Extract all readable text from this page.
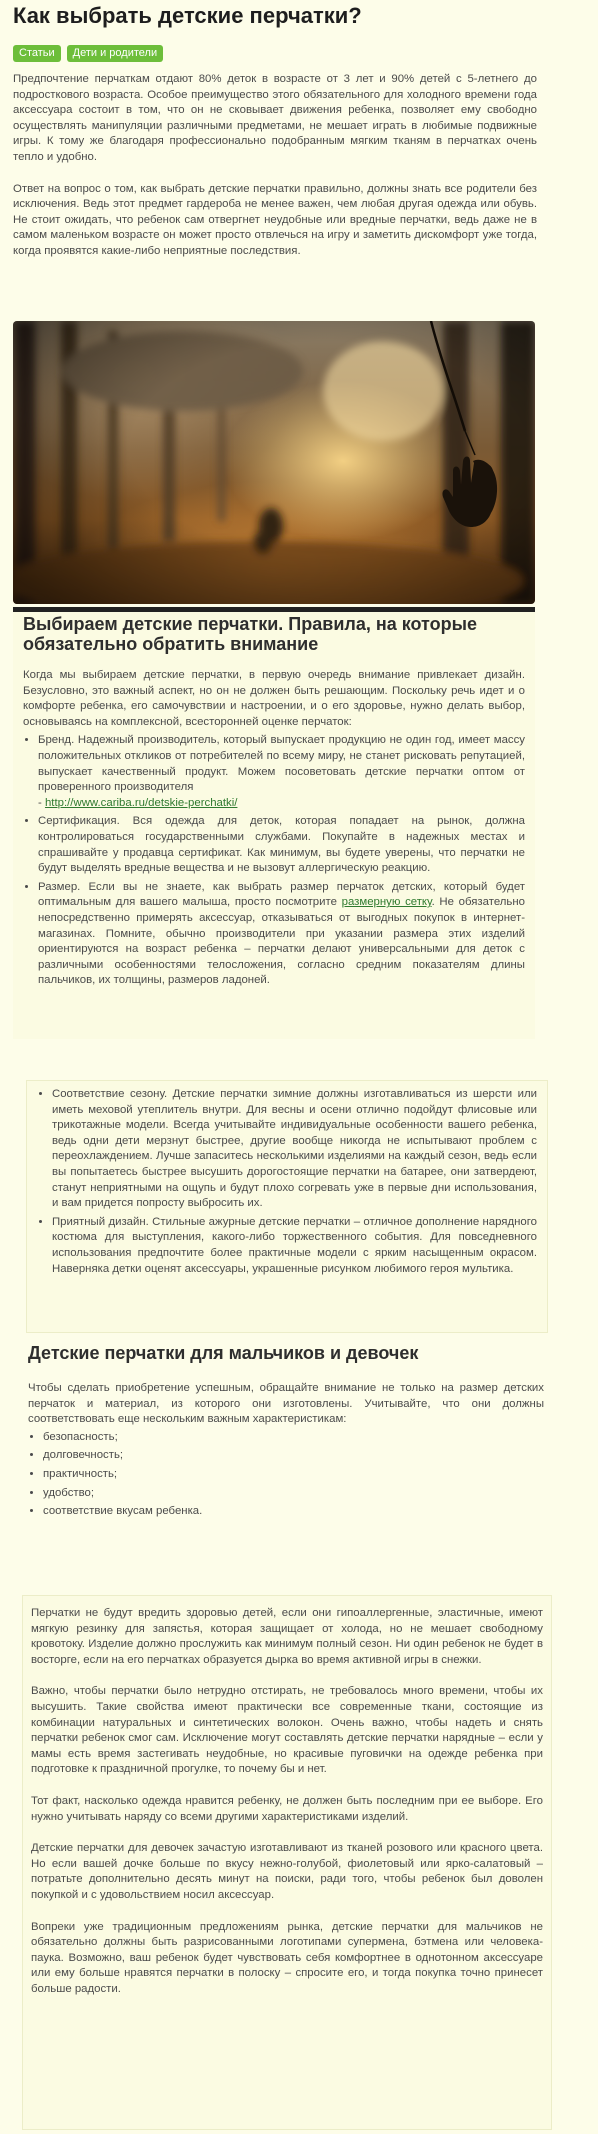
Как выбрать детские перчатки?
Статьи	Дети и родители

Предпочтение перчаткам отдают 80% деток в возрасте от 3 лет и 90% детей с 5-летнего до подросткового возраста. Особое преимущество этого обязательного для холодного времени года аксессуара состоит в том, что он не сковывает движения ребенка, позволяет ему свободно осуществлять манипуляции различными предметами, не мешает играть в любимые подвижные игры. К тому же благодаря профессионально подобранным мягким тканям в перчатках очень тепло и удобно.

Ответ на вопрос о том, как выбрать детские перчатки правильно, должны знать все родители без исключения. Ведь этот предмет гардероба не менее важен, чем любая другая одежда или обувь. Не стоит ожидать, что ребенок сам отвергнет неудобные или вредные перчатки, ведь даже не в самом маленьком возрасте он может просто отвлечься на игру и заметить дискомфорт уже тогда, когда проявятся какие-либо неприятные последствия.

Выбираем детские перчатки. Правила, на которые обязательно обратить внимание

Когда мы выбираем детские перчатки, в первую очередь внимание привлекает дизайн. Безусловно, это важный аспект, но он не должен быть решающим. Поскольку речь идет и о комфорте ребенка, его самочувствии и настроении, и о его здоровье, нужно делать выбор, основываясь на комплексной, всесторонней оценке перчаток:

• Бренд. Надежный производитель, который выпускает продукцию не один год, имеет массу положительных откликов от потребителей по всему миру, не станет рисковать репутацией, выпускает качественный продукт. Можем посоветовать детские перчатки оптом от проверенного производителя
- http://www.cariba.ru/detskie-perchatki/
• Сертификация. Вся одежда для деток, которая попадает на рынок, должна контролироваться государственными службами. Покупайте в надежных местах и спрашивайте у продавца сертификат. Как минимум, вы будете уверены, что перчатки не будут выделять вредные вещества и не вызовут аллергическую реакцию.
• Размер. Если вы не знаете, как выбрать размер перчаток детских, который будет оптимальным для вашего малыша, просто посмотрите размерную сетку. Не обязательно непосредственно примерять аксессуар, отказываться от выгодных покупок в интернет-магазинах. Помните, обычно производители при указании размера этих изделий ориентируются на возраст ребенка – перчатки делают универсальными для деток с различными особенностями телосложения, согласно средним показателям длины пальчиков, их толщины, размеров ладоней.
• Соответствие сезону. Детские перчатки зимние должны изготавливаться из шерсти или иметь меховой утеплитель внутри. Для весны и осени отлично подойдут флисовые или трикотажные модели. Всегда учитывайте индивидуальные особенности вашего ребенка, ведь одни дети мерзнут быстрее, другие вообще никогда не испытывают проблем с переохлаждением. Лучше запаситесь несколькими изделиями на каждый сезон, ведь если вы попытаетесь быстрее высушить дорогостоящие перчатки на батарее, они затвердеют, станут неприятными на ощупь и будут плохо согревать уже в первые дни использования, и вам придется попросту выбросить их.
• Приятный дизайн. Стильные ажурные детские перчатки – отличное дополнение нарядного костюма для выступления, какого-либо торжественного события. Для повседневного использования предпочтите более практичные модели с ярким насыщенным окрасом. Наверняка детки оценят аксессуары, украшенные рисунком любимого героя мультика.
Детские перчатки для мальчиков и девочек

Чтобы сделать приобретение успешным, обращайте внимание не только на размер детских перчаток и материал, из которого они изготовлены. Учитывайте, что они должны соответствовать еще нескольким важным характеристикам:

• безопасность;
• долговечность;
• практичность;
• удобство;
• соответствие вкусам ребенка.

Перчатки не будут вредить здоровью детей, если они гипоаллергенные, эластичные, имеют мягкую резинку для запястья, которая защищает от холода, но не мешает свободному кровотоку. Изделие должно прослужить как минимум полный сезон. Ни один ребенок не будет в восторге, если на его перчатках образуется дырка во время активной игры в снежки.

Важно, чтобы перчатки было нетрудно отстирать, не требовалось много времени, чтобы их высушить. Такие свойства имеют практически все современные ткани, состоящие из комбинации натуральных и синтетических волокон. Очень важно, чтобы надеть и снять перчатки ребенок смог сам. Исключение могут составлять детские перчатки нарядные – если у мамы есть время застегивать неудобные, но красивые пуговички на одежде ребенка при подготовке к праздничной прогулке, то почему бы и нет.

Тот факт, насколько одежда нравится ребенку, не должен быть последним при ее выборе. Его нужно учитывать наряду со всеми другими характеристиками изделий.

Детские перчатки для девочек зачастую изготавливают из тканей розового или красного цвета. Но если вашей дочке больше по вкусу нежно-голубой, фиолетовый или ярко-салатовый – потратьте дополнительно десять минут на поиски, ради того, чтобы ребенок был доволен покупкой и с удовольствием носил аксессуар.

Вопреки уже традиционным предложениям рынка, детские перчатки для мальчиков не обязательно должны быть разрисованными логотипами супермена, бэтмена или человека-паука. Возможно, ваш ребенок будет чувствовать себя комфортнее в однотонном аксессуаре или ему больше нравятся перчатки в полоску – спросите его, и тогда покупка точно принесет больше радости.
